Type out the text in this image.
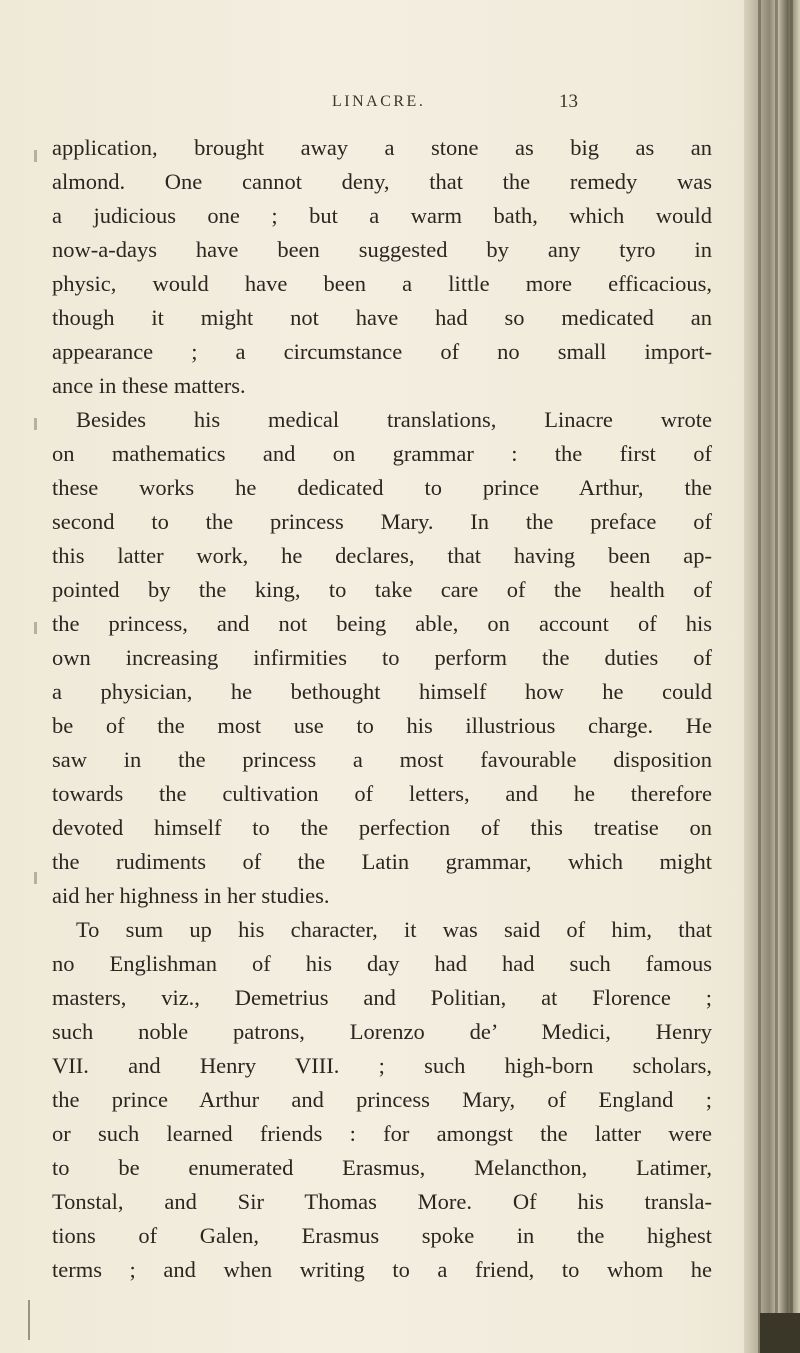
LINACRE.	13
application, brought away a stone as big as an
almond. One cannot deny, that the remedy was
a judicious one ; but a warm bath, which would
now-a-days have been suggested by any tyro in
physic, would have been a little more efficacious,
though it might not have had so medicated an
appearance ; a circumstance of no small import-
ance in these matters.
Besides his medical translations, Linacre wrote
on mathematics and on grammar : the first of
these works he dedicated to prince Arthur, the
second to the princess Mary. In the preface of
this latter work, he declares, that having been ap-
pointed by the king, to take care of the health of
the princess, and not being able, on account of his
own increasing infirmities to perform the duties of
a physician, he bethought himself how he could
be of the most use to his illustrious charge. He
saw in the princess a most favourable disposition
towards the cultivation of letters, and he therefore
devoted himself to the perfection of this treatise on
the rudiments of the Latin grammar, which might
aid her highness in her studies.
To sum up his character, it was said of him, that
no Englishman of his day had had such famous
masters, viz., Demetrius and Politian, at Florence ;
such noble patrons, Lorenzo de’ Medici, Henry
VII. and Henry VIII. ; such high-born scholars,
the prince Arthur and princess Mary, of England ;
or such learned friends : for amongst the latter were
to be enumerated Erasmus, Melancthon, Latimer,
Tonstal, and Sir Thomas More. Of his transla-
tions of Galen, Erasmus spoke in the highest
terms ; and when writing to a friend, to whom he
